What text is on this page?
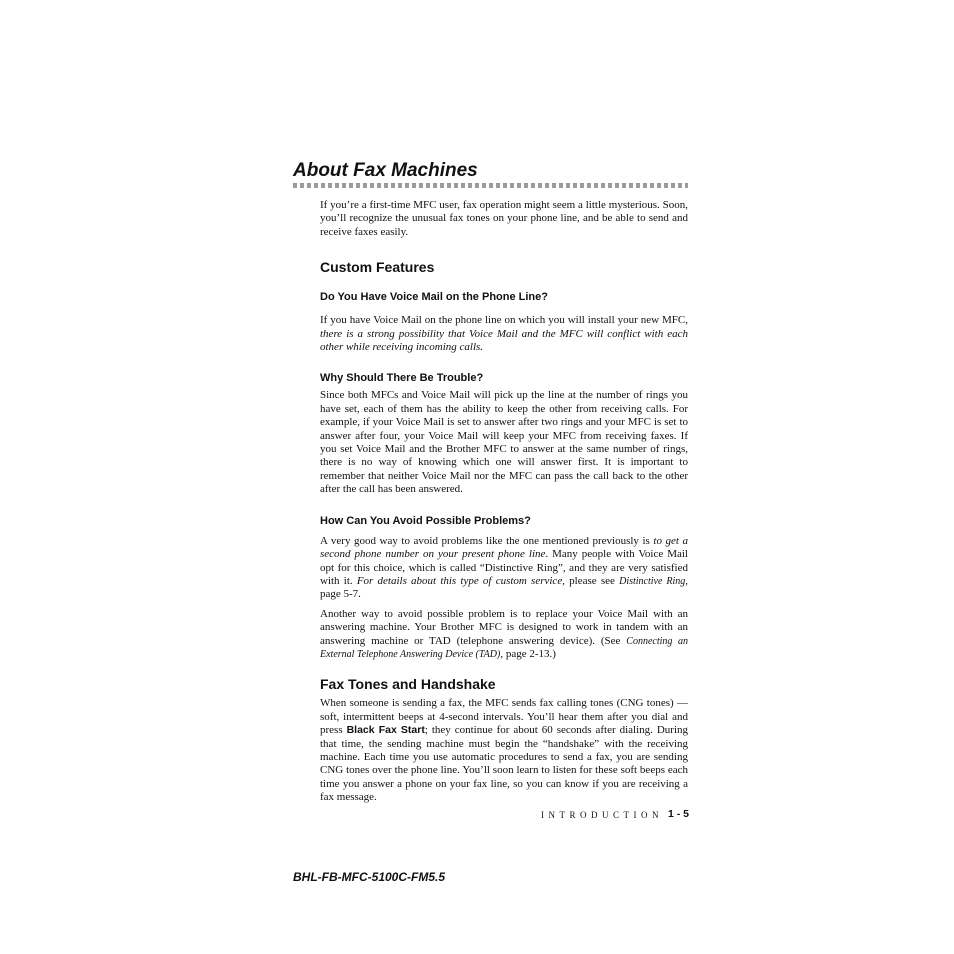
About Fax Machines

If you’re a first-time MFC user, fax operation might seem a little mysterious. Soon, you’ll recognize the unusual fax tones on your phone line, and be able to send and receive faxes easily.

Custom Features
Do You Have Voice Mail on the Phone Line?

If you have Voice Mail on the phone line on which you will install your new MFC, there is a strong possibility that Voice Mail and the MFC will conflict with each other while receiving incoming calls.

Why Should There Be Trouble?

Since both MFCs and Voice Mail will pick up the line at the number of rings you have set, each of them has the ability to keep the other from receiving calls. For example, if your Voice Mail is set to answer after two rings and your MFC is set to answer after four, your Voice Mail will keep your MFC from receiving faxes. If you set Voice Mail and the Brother MFC to answer at the same number of rings, there is no way of knowing which one will answer first. It is important to remember that neither Voice Mail nor the MFC can pass the call back to the other after the call has been answered.

How Can You Avoid Possible Problems?

A very good way to avoid problems like the one mentioned previously is to get a second phone number on your present phone line. Many people with Voice Mail opt for this choice, which is called “Distinctive Ring”, and they are very satisfied with it. For details about this type of custom service, please see Distinctive Ring, page 5-7.

Another way to avoid possible problem is to replace your Voice Mail with an answering machine. Your Brother MFC is designed to work in tandem with an answering machine or TAD (telephone answering device). (See Connecting an External Telephone Answering Device (TAD), page 2-13.)

Fax Tones and Handshake

When someone is sending a fax, the MFC sends fax calling tones (CNG tones) — soft, intermittent beeps at 4-second intervals. You’ll hear them after you dial and press Black Fax Start; they continue for about 60 seconds after dialing. During that time, the sending machine must begin the “handshake” with the receiving machine. Each time you use automatic procedures to send a fax, you are sending CNG tones over the phone line. You’ll soon learn to listen for these soft beeps each time you answer a phone on your fax line, so you can know if you are receiving a fax message.

INTRODUCTION 1 - 5
BHL-FB-MFC-5100C-FM5.5
